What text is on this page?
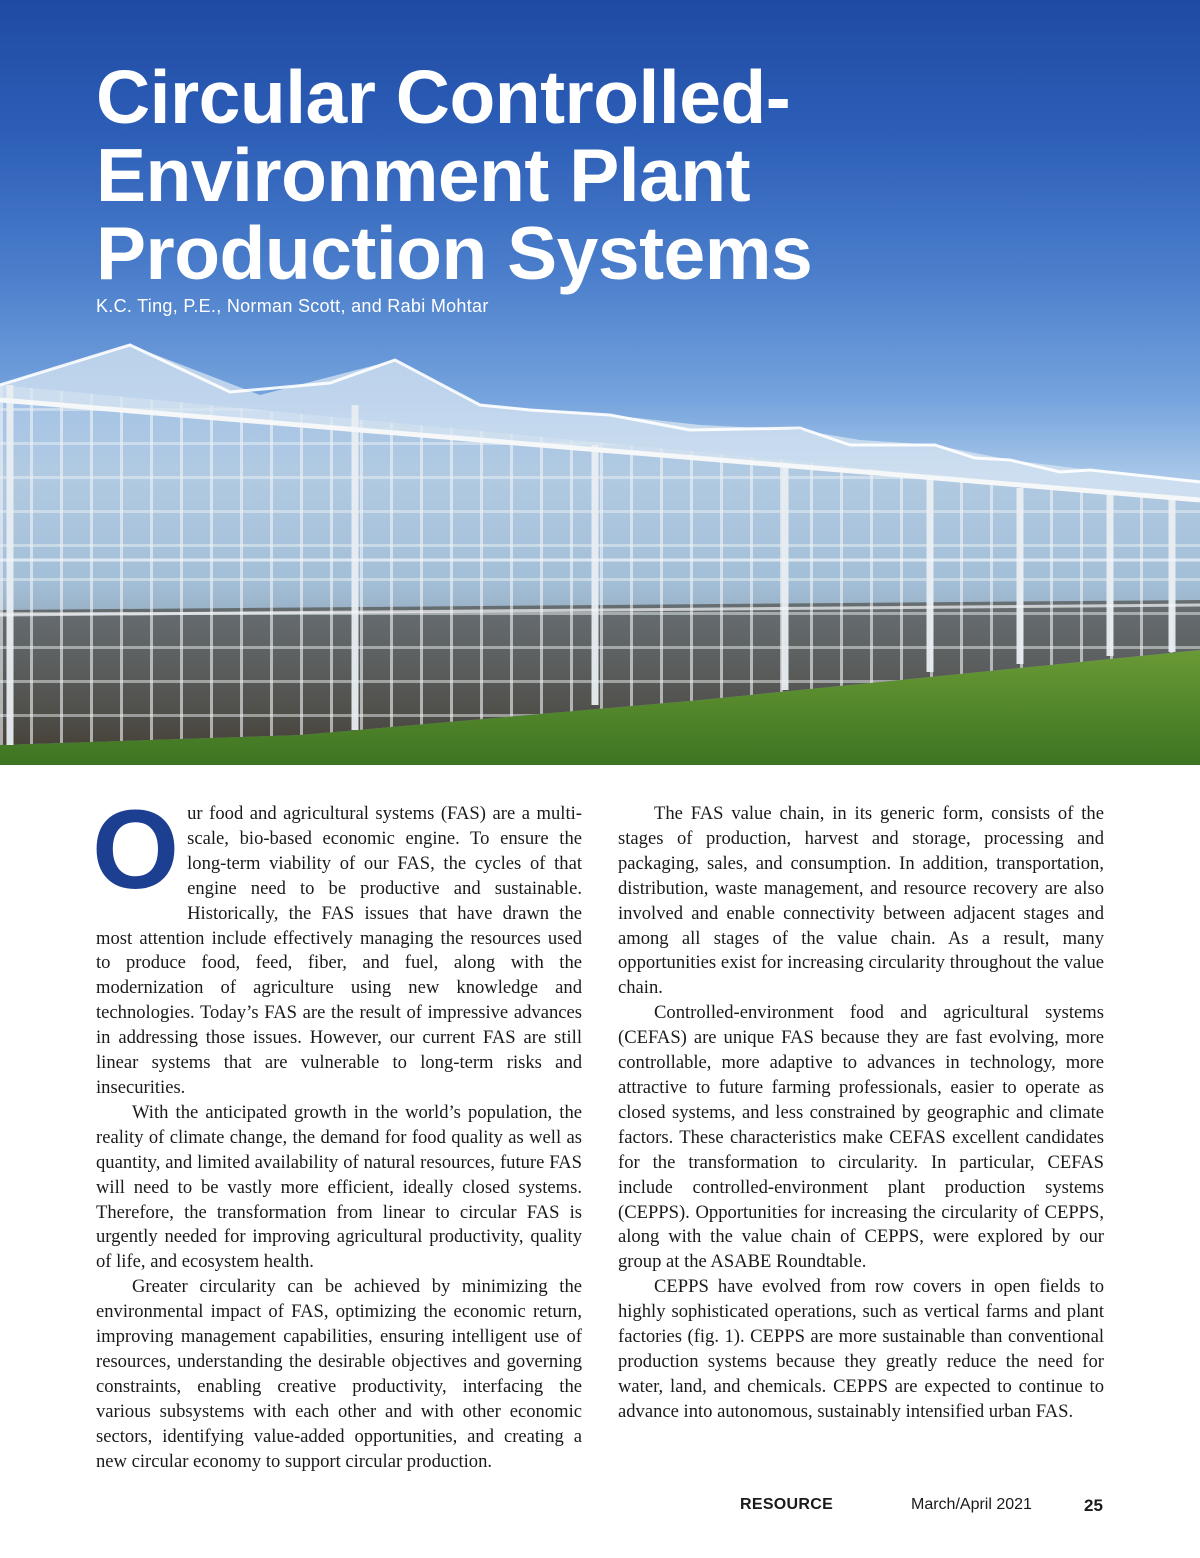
Circular Controlled-
Environment Plant
Production Systems
K.C. Ting, P.E., Norman Scott, and Rabi Mohtar

Our food and agricultural systems (FAS) are a multi-scale, bio-based economic engine. To ensure the long-term viability of our FAS, the cycles of that engine need to be productive and sustainable. Historically, the FAS issues that have drawn the most attention include effectively managing the resources used to produce food, feed, fiber, and fuel, along with the modernization of agriculture using new knowledge and technologies. Today’s FAS are the result of impressive advances in addressing those issues. However, our current FAS are still linear systems that are vulnerable to long-term risks and insecurities.

With the anticipated growth in the world’s population, the reality of climate change, the demand for food quality as well as quantity, and limited availability of natural resources, future FAS will need to be vastly more efficient, ideally closed systems. Therefore, the transformation from linear to circular FAS is urgently needed for improving agricultural productivity, quality of life, and ecosystem health.

Greater circularity can be achieved by minimizing the environmental impact of FAS, optimizing the economic return, improving management capabilities, ensuring intelligent use of resources, understanding the desirable objectives and governing constraints, enabling creative productivity, interfacing the various subsystems with each other and with other economic sectors, identifying value-added opportunities, and creating a new circular economy to support circular production.

The FAS value chain, in its generic form, consists of the stages of production, harvest and storage, processing and packaging, sales, and consumption. In addition, transportation, distribution, waste management, and resource recovery are also involved and enable connectivity between adjacent stages and among all stages of the value chain. As a result, many opportunities exist for increasing circularity throughout the value chain.

Controlled-environment food and agricultural systems (CEFAS) are unique FAS because they are fast evolving, more controllable, more adaptive to advances in technology, more attractive to future farming professionals, easier to operate as closed systems, and less constrained by geographic and climate factors. These characteristics make CEFAS excellent candidates for the transformation to circularity. In particular, CEFAS include controlled-environment plant production systems (CEPPS). Opportunities for increasing the circularity of CEPPS, along with the value chain of CEPPS, were explored by our group at the ASABE Roundtable.

CEPPS have evolved from row covers in open fields to highly sophisticated operations, such as vertical farms and plant factories (fig. 1). CEPPS are more sustainable than conventional production systems because they greatly reduce the need for water, land, and chemicals. CEPPS are expected to continue to advance into autonomous, sustainably intensified urban FAS.

RESOURCE	March/April 2021	25
